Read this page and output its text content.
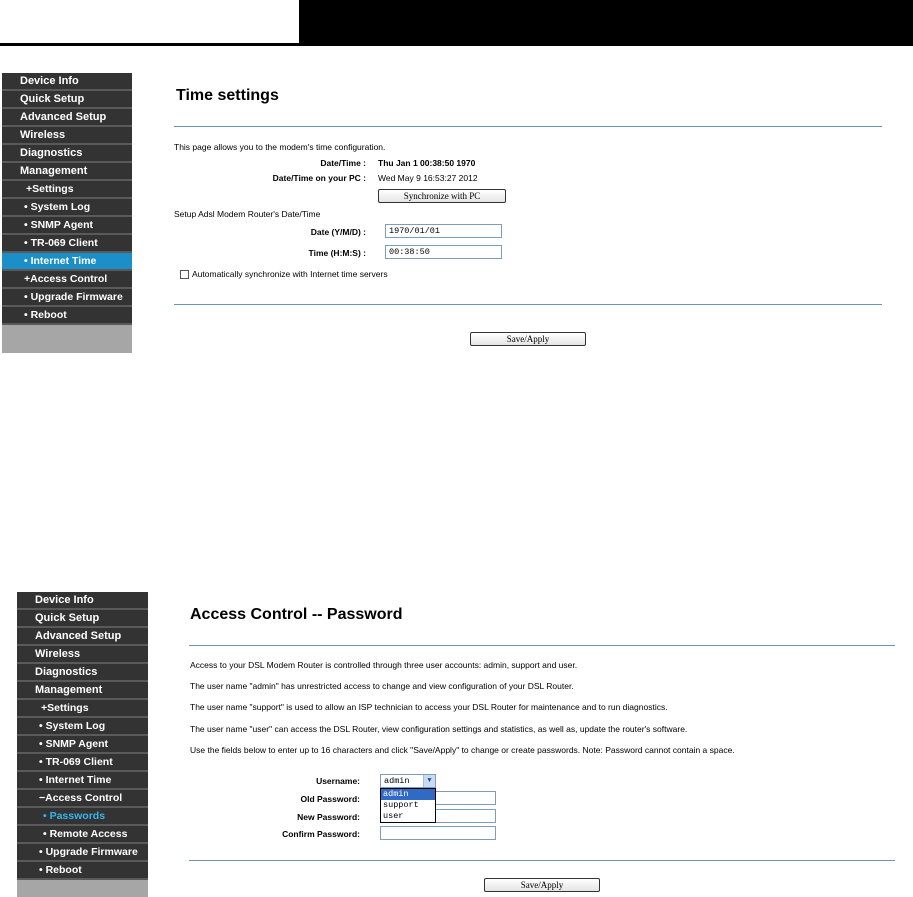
Device Info
Quick Setup
Advanced Setup
Wireless
Diagnostics
Management
+Settings
• System Log
• SNMP Agent
• TR-069 Client
• Internet Time
+Access Control
• Upgrade Firmware
• Reboot
Time settings
This page allows you to the modem's time configuration.
Date/Time : Thu Jan 1 00:38:50 1970
Date/Time on your PC : Wed May 9 16:53:27 2012
Synchronize with PC
Setup Adsl Modem Router's Date/Time
Date (Y/M/D) :	1970/01/01
Time (H:M:S) :	00:38:50
Automatically synchronize with Internet time servers
Save/Apply
Device Info
Quick Setup
Advanced Setup
Wireless
Diagnostics
Management
+Settings
• System Log
• SNMP Agent
• TR-069 Client
• Internet Time
−Access Control
• Passwords
• Remote Access
• Upgrade Firmware
• Reboot
Access Control -- Password
Access to your DSL Modem Router is controlled through three user accounts: admin, support and user.
The user name "admin" has unrestricted access to change and view configuration of your DSL Router.
The user name "support" is used to allow an ISP technician to access your DSL Router for maintenance and to run diagnostics.
The user name "user" can access the DSL Router, view configuration settings and statistics, as well as, update the router's software.
Use the fields below to enter up to 16 characters and click "Save/Apply" to change or create passwords. Note: Password cannot contain a space.
Username:	admin	▼
Old Password:
New Password:
Confirm Password:
admin
support
user
Save/Apply
